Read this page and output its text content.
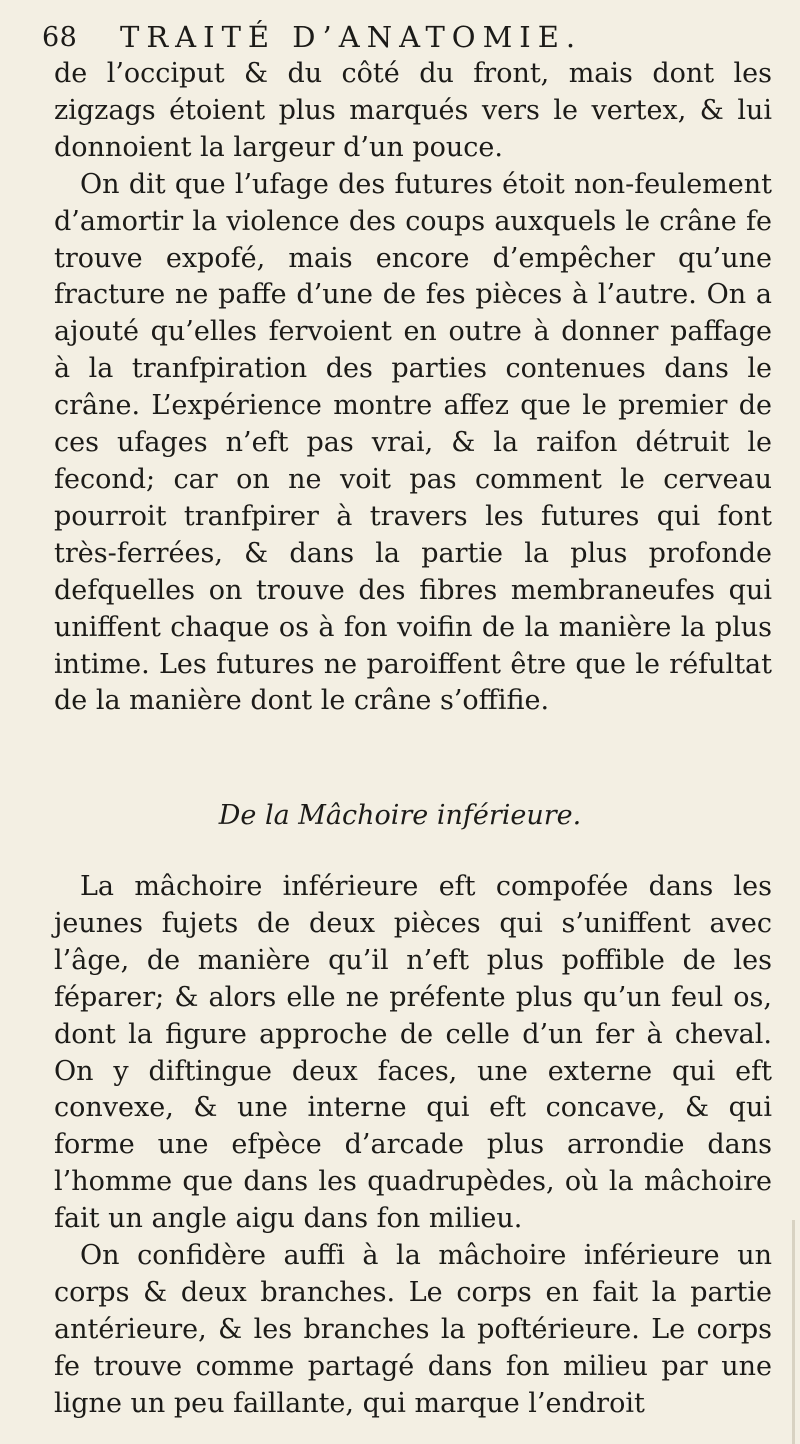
68 TRAITÉ D’ANATOMIE.

de l’occiput & du côté du front, mais dont les zigzags étoient plus marqués vers le vertex, & lui donnoient la largeur d’un pouce.

On dit que l’ufage des futures étoit non-feulement d’amortir la violence des coups auxquels le crâne fe trouve expofé, mais encore d’empêcher qu’une fracture ne paffe d’une de fes pièces à l’autre. On a ajouté qu’elles fervoient en outre à donner paffage à la tranfpiration des parties contenues dans le crâne. L’expérience montre affez que le premier de ces ufages n’eft pas vrai, & la raifon détruit le fecond; car on ne voit pas comment le cerveau pourroit tranfpirer à travers les futures qui font très-ferrées, & dans la partie la plus profonde defquelles on trouve des fibres membraneufes qui uniffent chaque os à fon voifin de la manière la plus intime. Les futures ne paroiffent être que le réfultat de la manière dont le crâne s’offifie.

De la Mâchoire inférieure.

La mâchoire inférieure eft compofée dans les jeunes fujets de deux pièces qui s’uniffent avec l’âge, de manière qu’il n’eft plus poffible de les féparer; & alors elle ne préfente plus qu’un feul os, dont la figure approche de celle d’un fer à cheval. On y diftingue deux faces, une externe qui eft convexe, & une interne qui eft concave, & qui forme une efpèce d’arcade plus arrondie dans l’homme que dans les quadrupèdes, où la mâchoire fait un angle aigu dans fon milieu.

On confidère auffi à la mâchoire inférieure un corps & deux branches. Le corps en fait la partie antérieure, & les branches la poftérieure. Le corps fe trouve comme partagé dans fon milieu par une ligne un peu faillante, qui marque l’endroit
